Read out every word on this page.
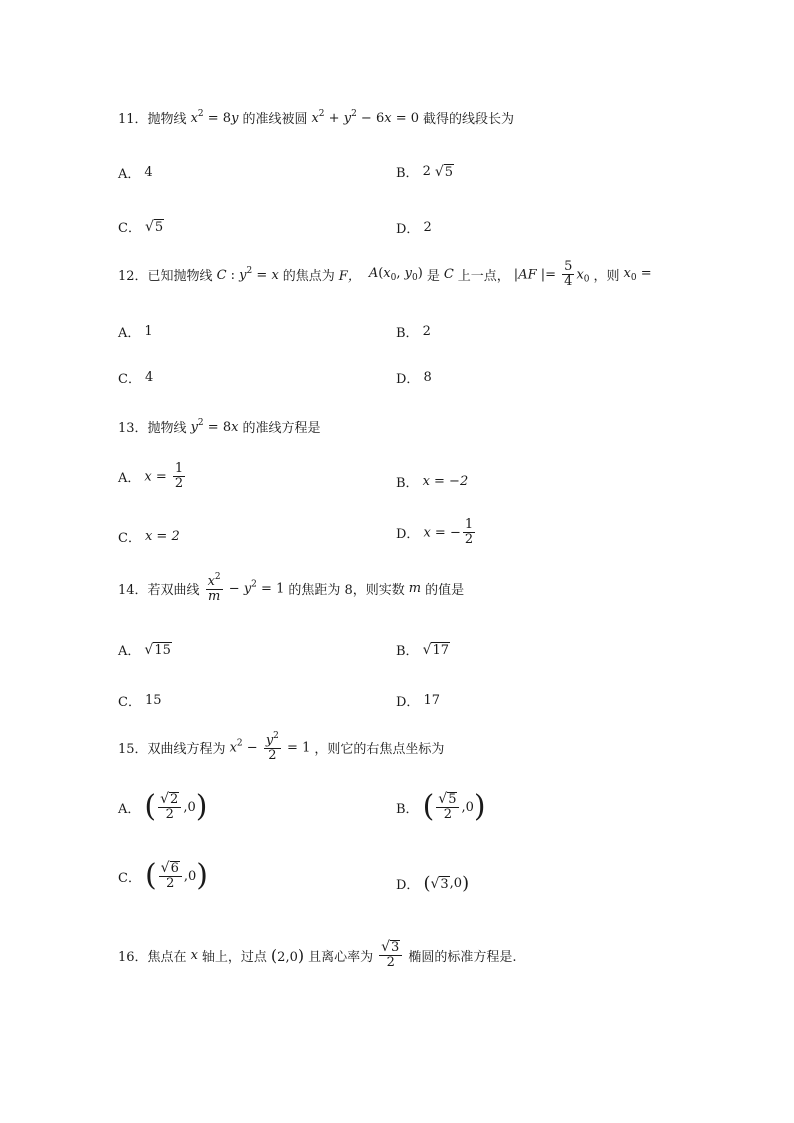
11． 抛物线 $x^2 = 8y$ 的准线被圆 $x^2 + y^2 - 6x = 0$ 截得的线段长为
A． 4	B． 2 √ 5
C． √ 5	D． 2
12． 已知抛物线 C : $y^2 = x$ 的焦点为 F， $A(x_0$, $y_0$) 是 C 上一点， |AF |= $\frac{5}{4} x_0$ ，则 $x_0$ =
A． 1	B． 2
C． 4	D． 8
13． 抛物线 $y^2 = 8x$ 的准线方程是
A． $x = \frac{1}{2}$	B． x = −2
C． x = 2	D． x = − $\frac{1}{2}$
14． 若双曲线 $\frac{x^2}{m} - y^2 = 1$ 的焦距为 8，则实数 m 的值是
A． √ 15	B． √ 17
C． 15	D． 17
15． 双曲线方程为 $x^2 - \frac{y^2}{2} = 1$ ，则它的右焦点坐标为
A． ( $\frac{√ 2}{2} ,0$ )	B． ( $\frac{√ 5}{2} ,0$ )
C． ( $\frac{√ 6}{2} ,0$ )	D． ( √ 3 ,0 )
16． 焦点在 x 轴上，过点 (2,0) 且离心率为 $\frac{√ 3}{2}$ 椭圆的标准方程是.
